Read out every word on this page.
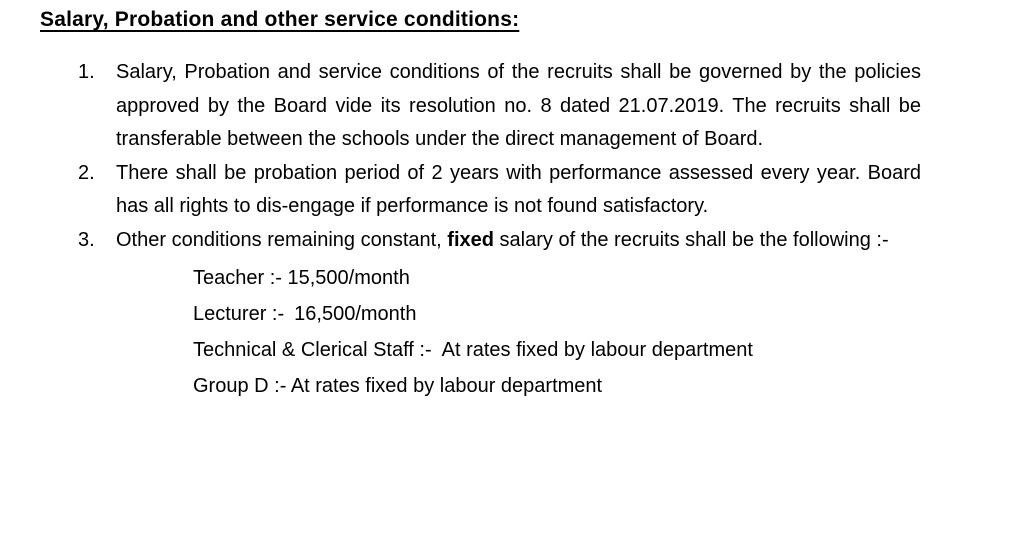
Salary, Probation and other service conditions:
1. Salary, Probation and service conditions of the recruits shall be governed by the policies approved by the Board vide its resolution no. 8 dated 21.07.2019. The recruits shall be transferable between the schools under the direct management of Board.
2. There shall be probation period of 2 years with performance assessed every year. Board has all rights to dis-engage if performance is not found satisfactory.
3. Other conditions remaining constant, fixed salary of the recruits shall be the following :-
Teacher :- 15,500/month
Lecturer :- 16,500/month
Technical & Clerical Staff :- At rates fixed by labour department
Group D :- At rates fixed by labour department
